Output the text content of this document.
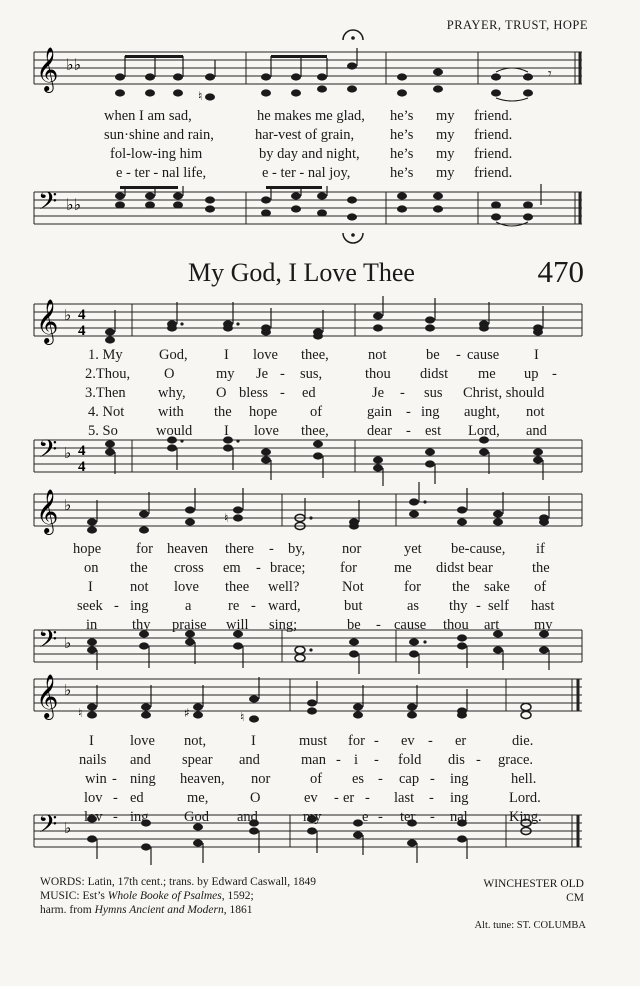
PRAYER, TRUST, HOPE
𝄞 ♭♭
𝄢 ♭♭
𝄾
♮
when I am sad,	he makes me glad, he’s my friend.
sun·shine and rain,	har-vest of grain, he’s my friend.
fol-low-ing him	by day and night, he’s my friend.
e - ter - nal life,	e - ter - nal joy,	he’s my friend.
My God, I Love Thee	470
𝄞 ♭ 4
4
𝄢 ♭ 4
4
1. My	God,	I love thee,	not	be - cause I
2.Thou, O	my Je - sus,	thou didst me up -
3.Then why, O bless - ed	Je - sus Christ, should
4. Not with the hope of	gain - ing aught, not
5. So	would I love thee,	dear - est Lord, and
𝄞 ♭
𝄢 ♭
♮
hope for heaven there - by,	nor	yet be-cause, if
on the cross em - brace; for	me didst bear	the
I	not love thee well?	Not	for the sake of
seek - ing	a	re - ward,	but	as thy - self hast
in thy praise will sing;	be - cause thou art my
𝄞 ♭
𝄢 ♭
♯	♮
♮
I love not,	I	must for - ev - er	die.
nails and spear and	man - i - fold dis - grace.
win - ning heaven, nor	of es - cap - ing	hell.
lov - ed	me,	O	ev - er - last - ing	Lord.
lov - ing God and	my	e - ter - nal	King.
WORDS: Latin, 17th cent.; trans. by Edward Caswall, 1849
MUSIC: Est’s Whole Booke of Psalmes, 1592;
harm. from Hymns Ancient and Modern, 1861
WINCHESTER OLD
CM
Alt. tune: ST. COLUMBA
